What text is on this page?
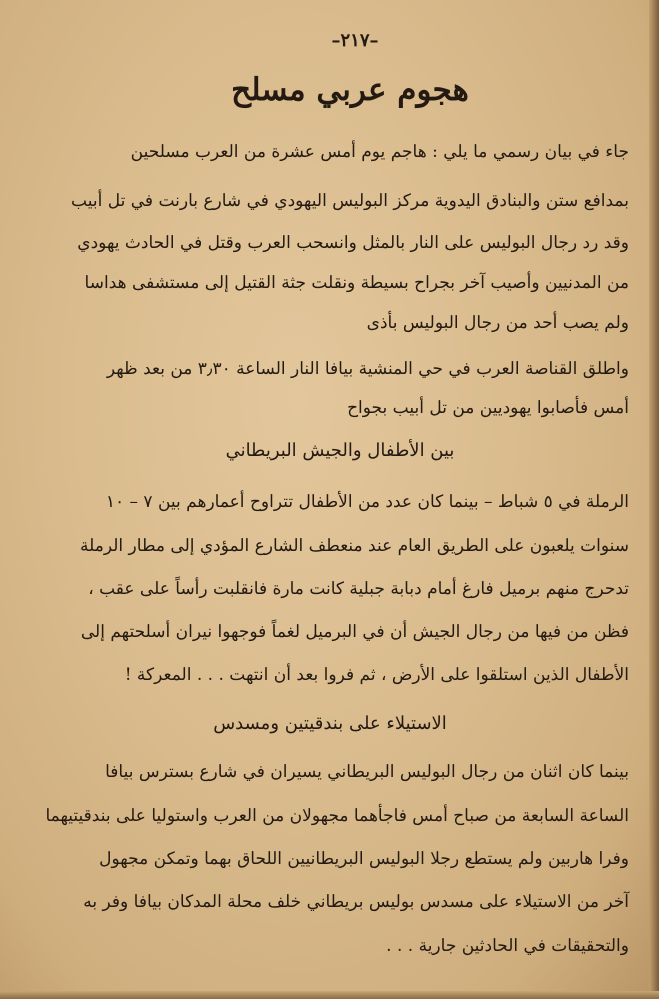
–٢١٧–
هجوم عربي مسلح
جاء في بيان رسمي ما يلي : هاجم يوم أمس عشرة من العرب مسلحين
بمدافع ستن والبنادق اليدوية مركز البوليس اليهودي في شارع بارنت في تل أبيب
وقد رد رجال البوليس على النار بالمثل وانسحب العرب وقتل في الحادث يهودي
من المدنيين وأصيب آخر بجراح بسيطة ونقلت جثة القتيل إلى مستشفى هداسا
ولم يصب أحد من رجال البوليس بأذى
واطلق القناصة العرب في حي المنشية بيافا النار الساعة ٣٫٣٠ من بعد ظهر
أمس فأصابوا يهوديين من تل أبيب بجواح
بين الأطفال والجيش البريطاني
الرملة في ٥ شباط – بينما كان عدد من الأطفال تتراوح أعمارهم بين ٧ – ١٠
سنوات يلعبون على الطريق العام عند منعطف الشارع المؤدي إلى مطار الرملة
تدحرج منهم برميل فارغ أمام دبابة جبلية كانت مارة فانقلبت رأساً على عقب ،
فظن من فيها من رجال الجيش أن في البرميل لغماً فوجهوا نيران أسلحتهم إلى
الأطفال الذين استلقوا على الأرض ، ثم فروا بعد أن انتهت . . . المعركة !
الاستيلاء على بندقيتين ومسدس
بينما كان اثنان من رجال البوليس البريطاني يسيران في شارع بسترس بيافا
الساعة السابعة من صباح أمس فاجأهما مجهولان من العرب واستوليا على بندقيتيهما
وفرا هاربين ولم يستطع رجلا البوليس البريطانيين اللحاق بهما وتمكن مجهول
آخر من الاستيلاء على مسدس بوليس بريطاني خلف محلة المدكان بيافا وفر به
والتحقيقات في الحادثين جارية . . .
